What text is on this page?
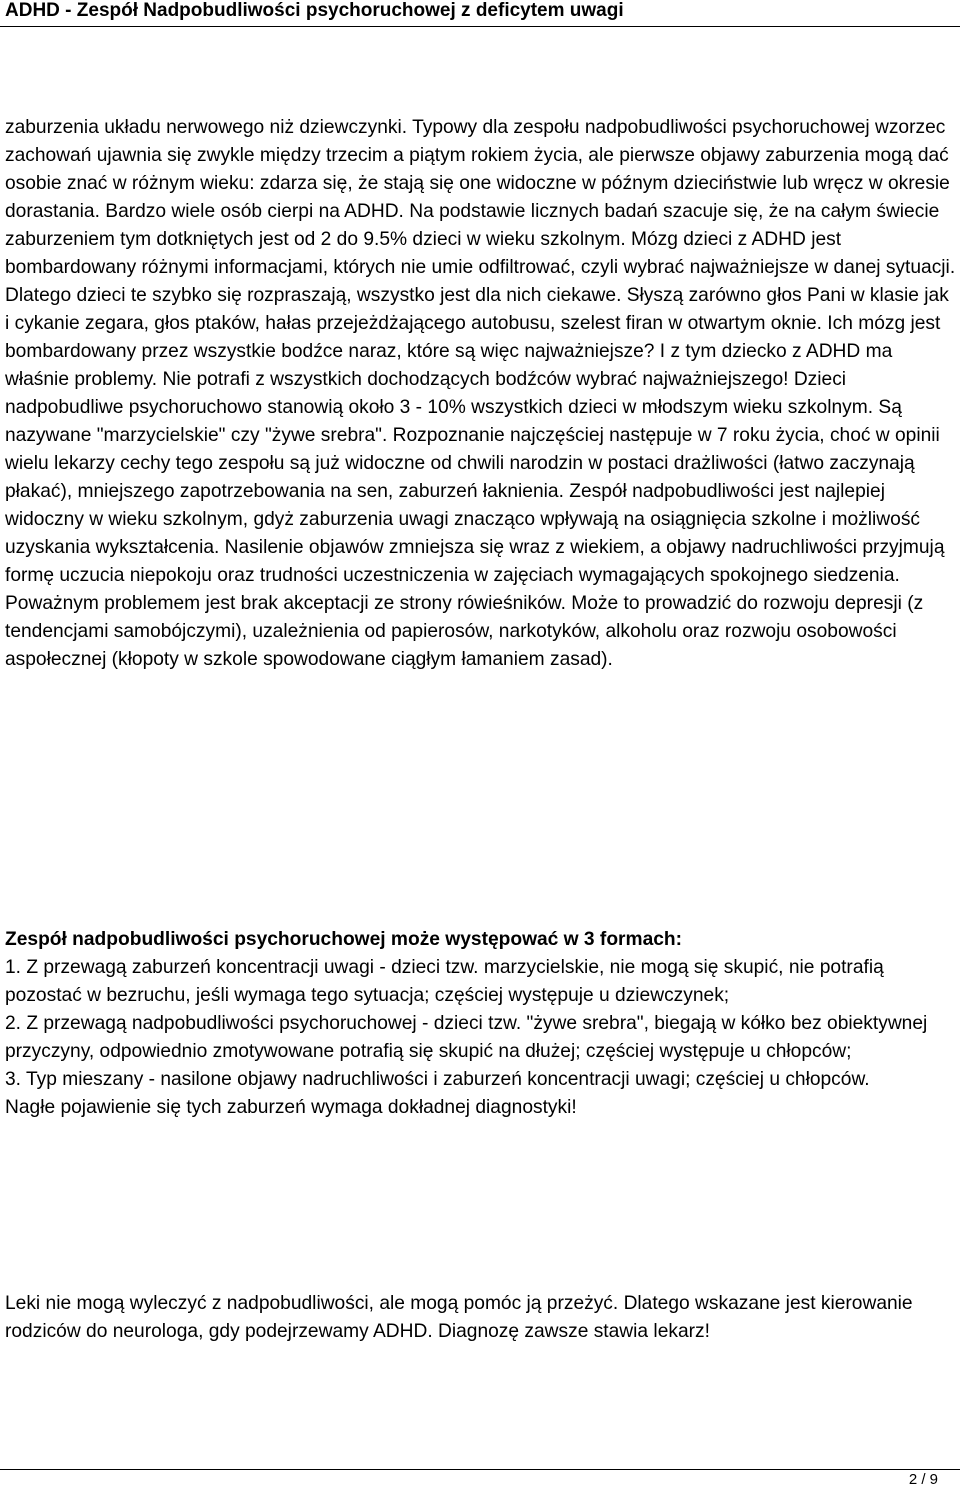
ADHD - Zespół Nadpobudliwości psychoruchowej z deficytem uwagi

zaburzenia układu nerwowego niż dziewczynki. Typowy dla zespołu nadpobudliwości psychoruchowej wzorzec zachowań ujawnia się zwykle między trzecim a piątym rokiem życia, ale pierwsze objawy zaburzenia mogą dać osobie znać w różnym wieku: zdarza się, że stają się one widoczne w późnym dzieciństwie lub wręcz w okresie dorastania. Bardzo wiele osób cierpi na ADHD. Na podstawie licznych badań szacuje się, że na całym świecie zaburzeniem tym dotkniętych jest od 2 do 9.5% dzieci w wieku szkolnym. Mózg dzieci z ADHD jest bombardowany różnymi informacjami, których nie umie odfiltrować, czyli wybrać najważniejsze w danej sytuacji. Dlatego dzieci te szybko się rozpraszają, wszystko jest dla nich ciekawe. Słyszą zarówno głos Pani w klasie jak i cykanie zegara, głos ptaków, hałas przejeżdżającego autobusu, szelest firan w otwartym oknie. Ich mózg jest bombardowany przez wszystkie bodźce naraz, które są więc najważniejsze? I z tym dziecko z ADHD ma właśnie problemy. Nie potrafi z wszystkich dochodzących bodźców wybrać najważniejszego! Dzieci nadpobudliwe psychoruchowo stanowią około 3 - 10% wszystkich dzieci w młodszym wieku szkolnym. Są nazywane "marzycielskie" czy "żywe srebra". Rozpoznanie najczęściej następuje w 7 roku życia, choć w opinii wielu lekarzy cechy tego zespołu są już widoczne od chwili narodzin w postaci drażliwości (łatwo zaczynają płakać), mniejszego zapotrzebowania na sen, zaburzeń łaknienia. Zespół nadpobudliwości jest najlepiej widoczny w wieku szkolnym, gdyż zaburzenia uwagi znacząco wpływają na osiągnięcia szkolne i możliwość uzyskania wykształcenia. Nasilenie objawów zmniejsza się wraz z wiekiem, a objawy nadruchliwości przyjmują formę uczucia niepokoju oraz trudności uczestniczenia w zajęciach wymagających spokojnego siedzenia. Poważnym problemem jest brak akceptacji ze strony rówieśników. Może to prowadzić do rozwoju depresji (z tendencjami samobójczymi), uzależnienia od papierosów, narkotyków, alkoholu oraz rozwoju osobowości aspołecznej (kłopoty w szkole spowodowane ciągłym łamaniem zasad).

Zespół nadpobudliwości psychoruchowej może występować w 3 formach:

1. Z przewagą zaburzeń koncentracji uwagi - dzieci tzw. marzycielskie, nie mogą się skupić, nie potrafią pozostać w bezruchu, jeśli wymaga tego sytuacja; częściej występuje u dziewczynek;

2. Z przewagą nadpobudliwości psychoruchowej - dzieci tzw. "żywe srebra", biegają w kółko bez obiektywnej przyczyny, odpowiednio zmotywowane potrafią się skupić na dłużej; częściej występuje u chłopców;

3. Typ mieszany - nasilone objawy nadruchliwości i zaburzeń koncentracji uwagi; częściej u chłopców.

Nagłe pojawienie się tych zaburzeń wymaga dokładnej diagnostyki!

Leki nie mogą wyleczyć z nadpobudliwości, ale mogą pomóc ją przeżyć. Dlatego wskazane jest kierowanie rodziców do neurologa, gdy podejrzewamy ADHD. Diagnozę zawsze stawia lekarz!

2 / 9
